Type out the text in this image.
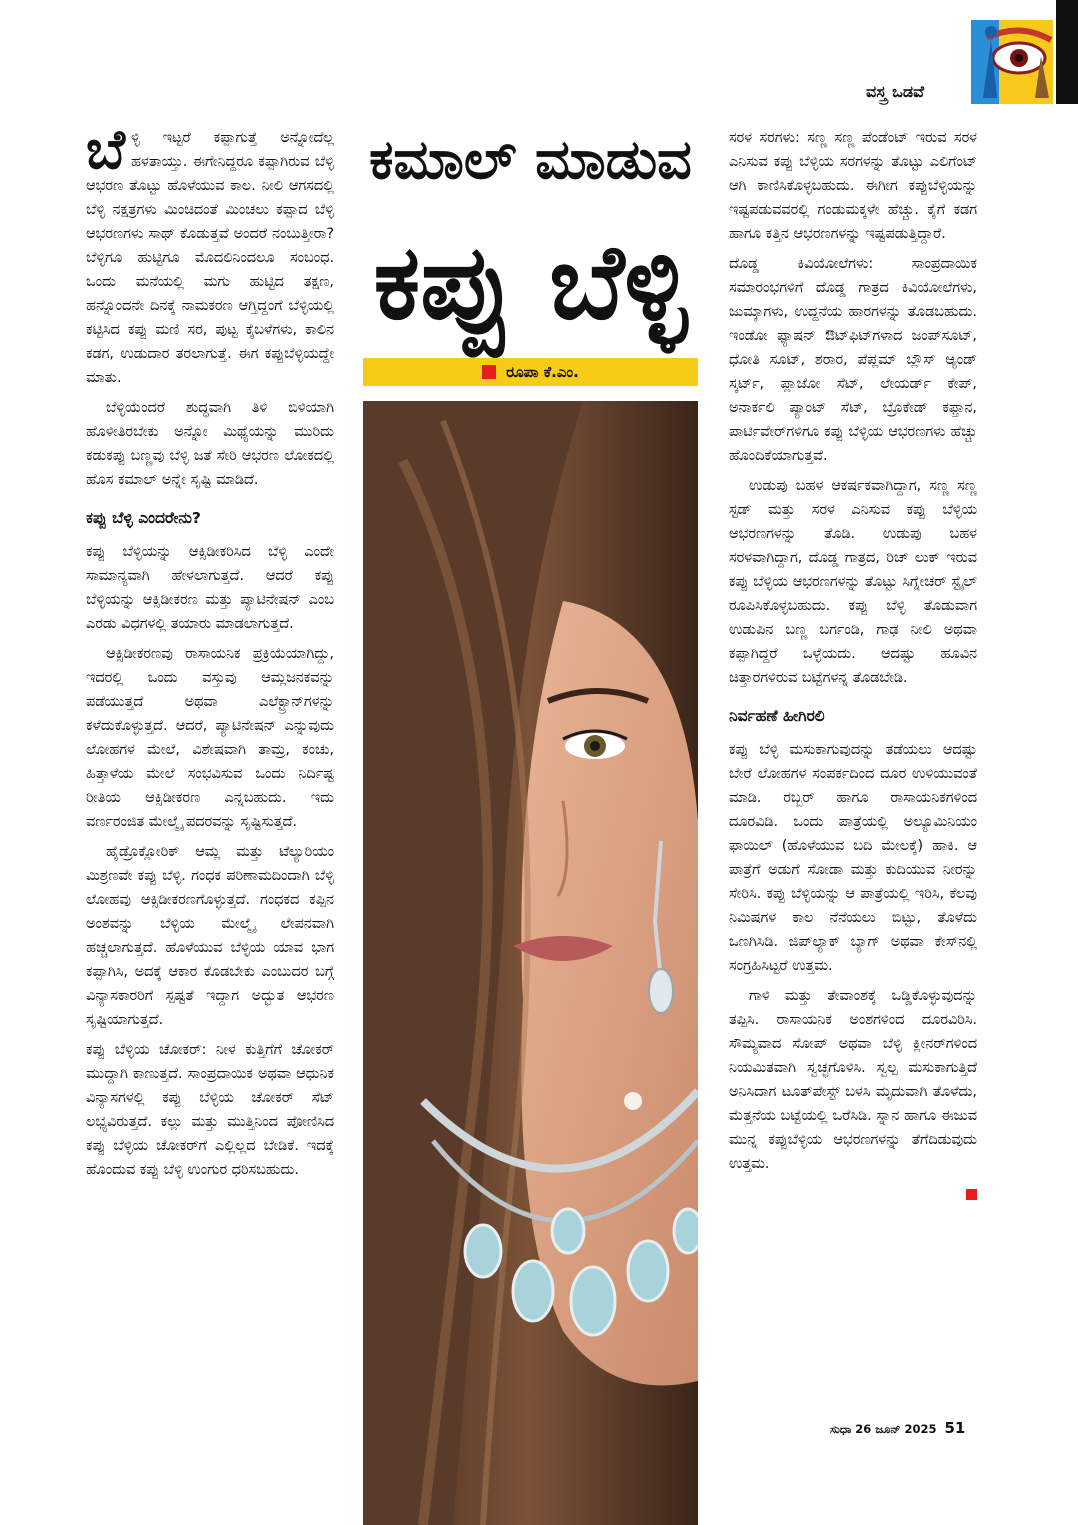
ವಸ್ತ್ರ ಒಡವೆ

ಬೆಳ್ಳಿ ಇಟ್ಟರೆ ಕಪ್ಪಾಗುತ್ತೆ ಅನ್ನೋದೆಲ್ಲ ಹಳತಾಯ್ತು. ಈಗೇನಿದ್ದರೂ ಕಪ್ಪಾಗಿರುವ ಬೆಳ್ಳಿ ಆಭರಣ ತೊಟ್ಟು ಹೊಳೆಯುವ ಕಾಲ. ನೀಲಿ ಆಗಸದಲ್ಲಿ ಬೆಳ್ಳಿ ನಕ್ಷತ್ರಗಳು ಮಿಂಚಿದಂತೆ ಮಿಂಚಲು ಕಪ್ಪಾದ ಬೆಳ್ಳಿ ಆಭರಣಗಳು ಸಾಥ್ ಕೊಡುತ್ತವೆ ಅಂದರೆ ನಂಬುತ್ತೀರಾ? ಬೆಳ್ಳಿಗೂ ಹುಟ್ಟಿಗೂ ಮೊದಲಿನಿಂದಲೂ ಸಂಬಂಧ. ಒಂದು ಮನೆಯಲ್ಲಿ ಮಗು ಹುಟ್ಟಿದ ತಕ್ಷಣ, ಹನ್ನೊಂದನೇ ದಿನಕ್ಕೆ ನಾಮಕರಣ ಆಗ್ತಿದ್ದಂಗೆ ಬೆಳ್ಳಿಯಲ್ಲಿ ಕಟ್ಟಿಸಿದ ಕಪ್ಪು ಮಣಿ ಸರ, ಪುಟ್ಟ ಕೈಬಳೆಗಳು, ಕಾಲಿನ ಕಡಗ, ಉಡುದಾರ ತರಲಾಗುತ್ತೆ. ಈಗ ಕಪ್ಪುಬೆಳ್ಳಿಯದ್ದೇ ಮಾತು.

ಬೆಳ್ಳಿಯೆಂದರೆ ಶುದ್ಧವಾಗಿ ತಿಳಿ ಬಿಳಿಯಾಗಿ ಹೊಳೀತಿರಬೇಕು ಅನ್ನೋ ಮಿಥ್ಯೆಯನ್ನು ಮುರಿದು ಕಡುಕಪ್ಪು ಬಣ್ಣವು ಬೆಳ್ಳಿ ಜತೆ ಸೇರಿ ಆಭರಣ ಲೋಕದಲ್ಲಿ ಹೊಸ ಕಮಾಲ್ ಅನ್ನೇ ಸೃಷ್ಟಿ ಮಾಡಿದೆ.

ಕಪ್ಪು ಬೆಳ್ಳಿ ಎಂದರೇನು?

ಕಪ್ಪು ಬೆಳ್ಳಿಯನ್ನು ಆಕ್ಸಿಡೀಕರಿಸಿದ ಬೆಳ್ಳಿ ಎಂದೇ ಸಾಮಾನ್ಯವಾಗಿ ಹೇಳಲಾಗುತ್ತದೆ. ಆದರೆ ಕಪ್ಪು ಬೆಳ್ಳಿಯನ್ನು ಆಕ್ಸಿಡೀಕರಣ ಮತ್ತು ಪ್ಯಾಟಿನೇಷನ್ ಎಂಬ ಎರಡು ವಿಧಗಳಲ್ಲಿ ತಯಾರು ಮಾಡಲಾಗುತ್ತದೆ.

ಆಕ್ಸಿಡೀಕರಣವು ರಾಸಾಯನಿಕ ಪ್ರಕ್ರಿಯೆಯಾಗಿದ್ದು, ಇದರಲ್ಲಿ ಒಂದು ವಸ್ತುವು ಆಮ್ಲಜನಕವನ್ನು ಪಡೆಯುತ್ತದೆ ಅಥವಾ ಎಲೆಕ್ಟ್ರಾನ್‌ಗಳನ್ನು ಕಳೆದುಕೊಳ್ಳುತ್ತದೆ. ಆದರೆ, ಪ್ಯಾಟಿನೇಷನ್ ಎನ್ನುವುದು ಲೋಹಗಳ ಮೇಲೆ, ವಿಶೇಷವಾಗಿ ತಾಮ್ರ, ಕಂಚು, ಹಿತ್ತಾಳೆಯ ಮೇಲೆ ಸಂಭವಿಸುವ ಒಂದು ನಿರ್ದಿಷ್ಟ ರೀತಿಯ ಆಕ್ಸಿಡೀಕರಣ ಎನ್ನಬಹುದು. ಇದು ವರ್ಣರಂಜಿತ ಮೇಲ್ಮೈ ಪದರವನ್ನು ಸೃಷ್ಟಿಸುತ್ತದೆ.

ಹೈಡ್ರೊಕ್ಲೋರಿಕ್ ಆಮ್ಲ ಮತ್ತು ಟೆಲ್ಯುರಿಯಂ ಮಿಶ್ರಣವೇ ಕಪ್ಪು ಬೆಳ್ಳಿ. ಗಂಧಕ ಪರಿಣಾಮದಿಂದಾಗಿ ಬೆಳ್ಳಿ ಲೋಹವು ಆಕ್ಸಿಡೀಕರಣಗೊಳ್ಳುತ್ತದೆ. ಗಂಧಕದ ಕಪ್ಪಿನ ಅಂಶವನ್ನು ಬೆಳ್ಳಿಯ ಮೇಲ್ಮೈ ಲೇಪನವಾಗಿ ಹಚ್ಚಲಾಗುತ್ತದೆ. ಹೊಳೆಯುವ ಬೆಳ್ಳಿಯ ಯಾವ ಭಾಗ ಕಪ್ಪಾಗಿಸಿ, ಅದಕ್ಕೆ ಆಕಾರ ಕೊಡಬೇಕು ಎಂಬುದರ ಬಗ್ಗೆ ವಿನ್ಯಾಸಕಾರರಿಗೆ ಸ್ಪಷ್ಟತೆ ಇದ್ದಾಗ ಅದ್ಭುತ ಆಭರಣ ಸೃಷ್ಟಿಯಾಗುತ್ತದೆ.

ಕಪ್ಪು ಬೆಳ್ಳಿಯ ಚೋಕರ್: ನೀಳ ಕುತ್ತಿಗೆಗೆ ಚೋಕರ್ ಮುದ್ದಾಗಿ ಕಾಣುತ್ತದೆ. ಸಾಂಪ್ರದಾಯಿಕ ಅಥವಾ ಆಧುನಿಕ ವಿನ್ಯಾಸಗಳಲ್ಲಿ ಕಪ್ಪು ಬೆಳ್ಳಿಯ ಚೋಕರ್ ಸೆಟ್ ಲಭ್ಯವಿರುತ್ತದೆ. ಕಲ್ಲು ಮತ್ತು ಮುತ್ತಿನಿಂದ ಪೋಣಿಸಿದ ಕಪ್ಪು ಬೆಳ್ಳಿಯ ಚೋಕರ್‌ಗೆ ಎಲ್ಲಿಲ್ಲದ ಬೇಡಿಕೆ. ಇದಕ್ಕೆ ಹೊಂದುವ ಕಪ್ಪು ಬೆಳ್ಳಿ ಉಂಗುರ ಧರಿಸಬಹುದು.

ಕಮಾಲ್ ಮಾಡುವ
ಕಪ್ಪು ಬೆಳ್ಳಿ
ರೂಪಾ ಕೆ.ಎಂ.

ಸರಳ ಸರಗಳು: ಸಣ್ಣ ಸಣ್ಣ ಪೆಂಡೆಂಟ್ ಇರುವ ಸರಳ ಎನಿಸುವ ಕಪ್ಪು ಬೆಳ್ಳಿಯ ಸರಗಳನ್ನು ತೊಟ್ಟು ಎಲಿಗೆಂಟ್ ಆಗಿ ಕಾಣಿಸಿಕೊಳ್ಳಬಹುದು. ಈಗೀಗ ಕಪ್ಪುಬೆಳ್ಳಿಯನ್ನು ಇಷ್ಟಪಡುವವರಲ್ಲಿ ಗಂಡುಮಕ್ಕಳೇ ಹೆಚ್ಚು. ಕೈಗೆ ಕಡಗ ಹಾಗೂ ಕತ್ತಿನ ಆಭರಣಗಳನ್ನು ಇಷ್ಟಪಡುತ್ತಿದ್ದಾರೆ.

ದೊಡ್ಡ ಕಿವಿಯೋಲೆಗಳು: ಸಾಂಪ್ರದಾಯಿಕ ಸಮಾರಂಭಗಳಿಗೆ ದೊಡ್ಡ ಗಾತ್ರದ ಕಿವಿಯೋಲೆಗಳು, ಜುಮ್ಕಾಗಳು, ಉದ್ದನೆಯ ಹಾರಗಳನ್ನು ತೊಡಬಹುದು. ಇಂಡೋ ಫ್ಯಾಷನ್ ಔಟ್‌ಫಿಟ್‌ಗಳಾದ ಜಂಪ್‌ಸೂಟ್, ಧೋತಿ ಸೂಟ್, ಶರಾರ, ಪೆಪ್ಲಮ್ ಬ್ಲೌಸ್ ಆ್ಯಂಡ್ ಸ್ಕರ್ಟ್, ಪ್ಲಾಜೋ ಸೆಟ್, ಲೇಯರ್ಡ್ ಕೇಪ್, ಅನಾರ್ಕಲಿ ಪ್ಯಾಂಟ್ ಸೆಟ್, ಬ್ರೊಕೇಡ್ ಕಫ್ತಾನ, ಪಾರ್ಟಿವೇರ್‌ಗಳಿಗೂ ಕಪ್ಪು ಬೆಳ್ಳಿಯ ಆಭರಣಗಳು ಹೆಚ್ಚು ಹೊಂದಿಕೆಯಾಗುತ್ತವೆ.

ಉಡುಪು ಬಹಳ ಆಕರ್ಷಕವಾಗಿದ್ದಾಗ, ಸಣ್ಣ ಸಣ್ಣ ಸ್ಟಡ್ ಮತ್ತು ಸರಳ ಎನಿಸುವ ಕಪ್ಪು ಬೆಳ್ಳಿಯ ಆಭರಣಗಳನ್ನು ತೊಡಿ. ಉಡುಪು ಬಹಳ ಸರಳವಾಗಿದ್ದಾಗ, ದೊಡ್ಡ ಗಾತ್ರದ, ರಿಚ್ ಲುಕ್ ಇರುವ ಕಪ್ಪು ಬೆಳ್ಳಿಯ ಆಭರಣಗಳನ್ನು ತೊಟ್ಟು ಸಿಗ್ನೇಚರ್ ಸ್ಟೈಲ್ ರೂಪಿಸಿಕೊಳ್ಳಬಹುದು. ಕಪ್ಪು ಬೆಳ್ಳಿ ತೊಡುವಾಗ ಉಡುಪಿನ ಬಣ್ಣ ಬರ್ಗಂಡಿ, ಗಾಢ ನೀಲಿ ಅಥವಾ ಕಪ್ಪಾಗಿದ್ದರೆ ಒಳ್ಳೆಯದು. ಆದಷ್ಟು ಹೂವಿನ ಚಿತ್ತಾರಗಳಿರುವ ಬಟ್ಟೆಗಳನ್ನ ತೊಡಬೇಡಿ.

ನಿರ್ವಹಣೆ ಹೀಗಿರಲಿ

ಕಪ್ಪು ಬೆಳ್ಳಿ ಮಸುಕಾಗುವುದನ್ನು ತಡೆಯಲು ಆದಷ್ಟು ಬೇರೆ ಲೋಹಗಳ ಸಂಪರ್ಕದಿಂದ ದೂರ ಉಳಿಯುವಂತೆ ಮಾಡಿ. ರಬ್ಬರ್ ಹಾಗೂ ರಾಸಾಯನಿಕಗಳಿಂದ ದೂರವಿಡಿ. ಒಂದು ಪಾತ್ರೆಯಲ್ಲಿ ಅಲ್ಯೂಮಿನಿಯಂ ಫಾಯಿಲ್ (ಹೊಳೆಯುವ ಬದಿ ಮೇಲಕ್ಕೆ) ಹಾಕಿ. ಆ ಪಾತ್ರೆಗೆ ಅಡುಗೆ ಸೋಡಾ ಮತ್ತು ಕುದಿಯುವ ನೀರನ್ನು ಸೇರಿಸಿ. ಕಪ್ಪು ಬೆಳ್ಳಿಯನ್ನು ಆ ಪಾತ್ರೆಯಲ್ಲಿ ಇರಿಸಿ, ಕೆಲವು ನಿಮಿಷಗಳ ಕಾಲ ನೆನೆಯಲು ಬಿಟ್ಟು, ತೊಳೆದು ಒಣಗಿಸಿಡಿ. ಜಿಪ್‌ಲ್ಯಾಕ್ ಬ್ಯಾಗ್ ಅಥವಾ ಕೇಸ್‌ನಲ್ಲಿ ಸಂಗ್ರಹಿಸಿಟ್ಟರೆ ಉತ್ತಮ.

ಗಾಳಿ ಮತ್ತು ತೇವಾಂಶಕ್ಕೆ ಒಡ್ಡಿಕೊಳ್ಳುವುದನ್ನು ತಪ್ಪಿಸಿ. ರಾಸಾಯನಿಕ ಅಂಶಗಳಿಂದ ದೂರವಿರಿಸಿ. ಸೌಮ್ಯವಾದ ಸೋಪ್ ಅಥವಾ ಬೆಳ್ಳಿ ಕ್ಲೀನರ್‌ಗಳಿಂದ ನಿಯಮಿತವಾಗಿ ಸ್ವಚ್ಛಗೊಳಿಸಿ. ಸ್ವಲ್ಪ ಮಸುಕಾಗುತ್ತಿದೆ ಅನಿಸಿದಾಗ ಟೂತ್‌ಪೇಸ್ಟ್ ಬಳಸಿ ಮೃದುವಾಗಿ ತೊಳೆದು, ಮೆತ್ತನೆಯ ಬಟ್ಟೆಯಲ್ಲಿ ಒರೆಸಿಡಿ. ಸ್ನಾನ ಹಾಗೂ ಈಜುವ ಮುನ್ನ ಕಪ್ಪುಬೆಳ್ಳಿಯ ಆಭರಣಗಳನ್ನು ತೆಗೆದಿಡುವುದು ಉತ್ತಮ.

ಸುಧಾ 26 ಜೂನ್ 2025 51
